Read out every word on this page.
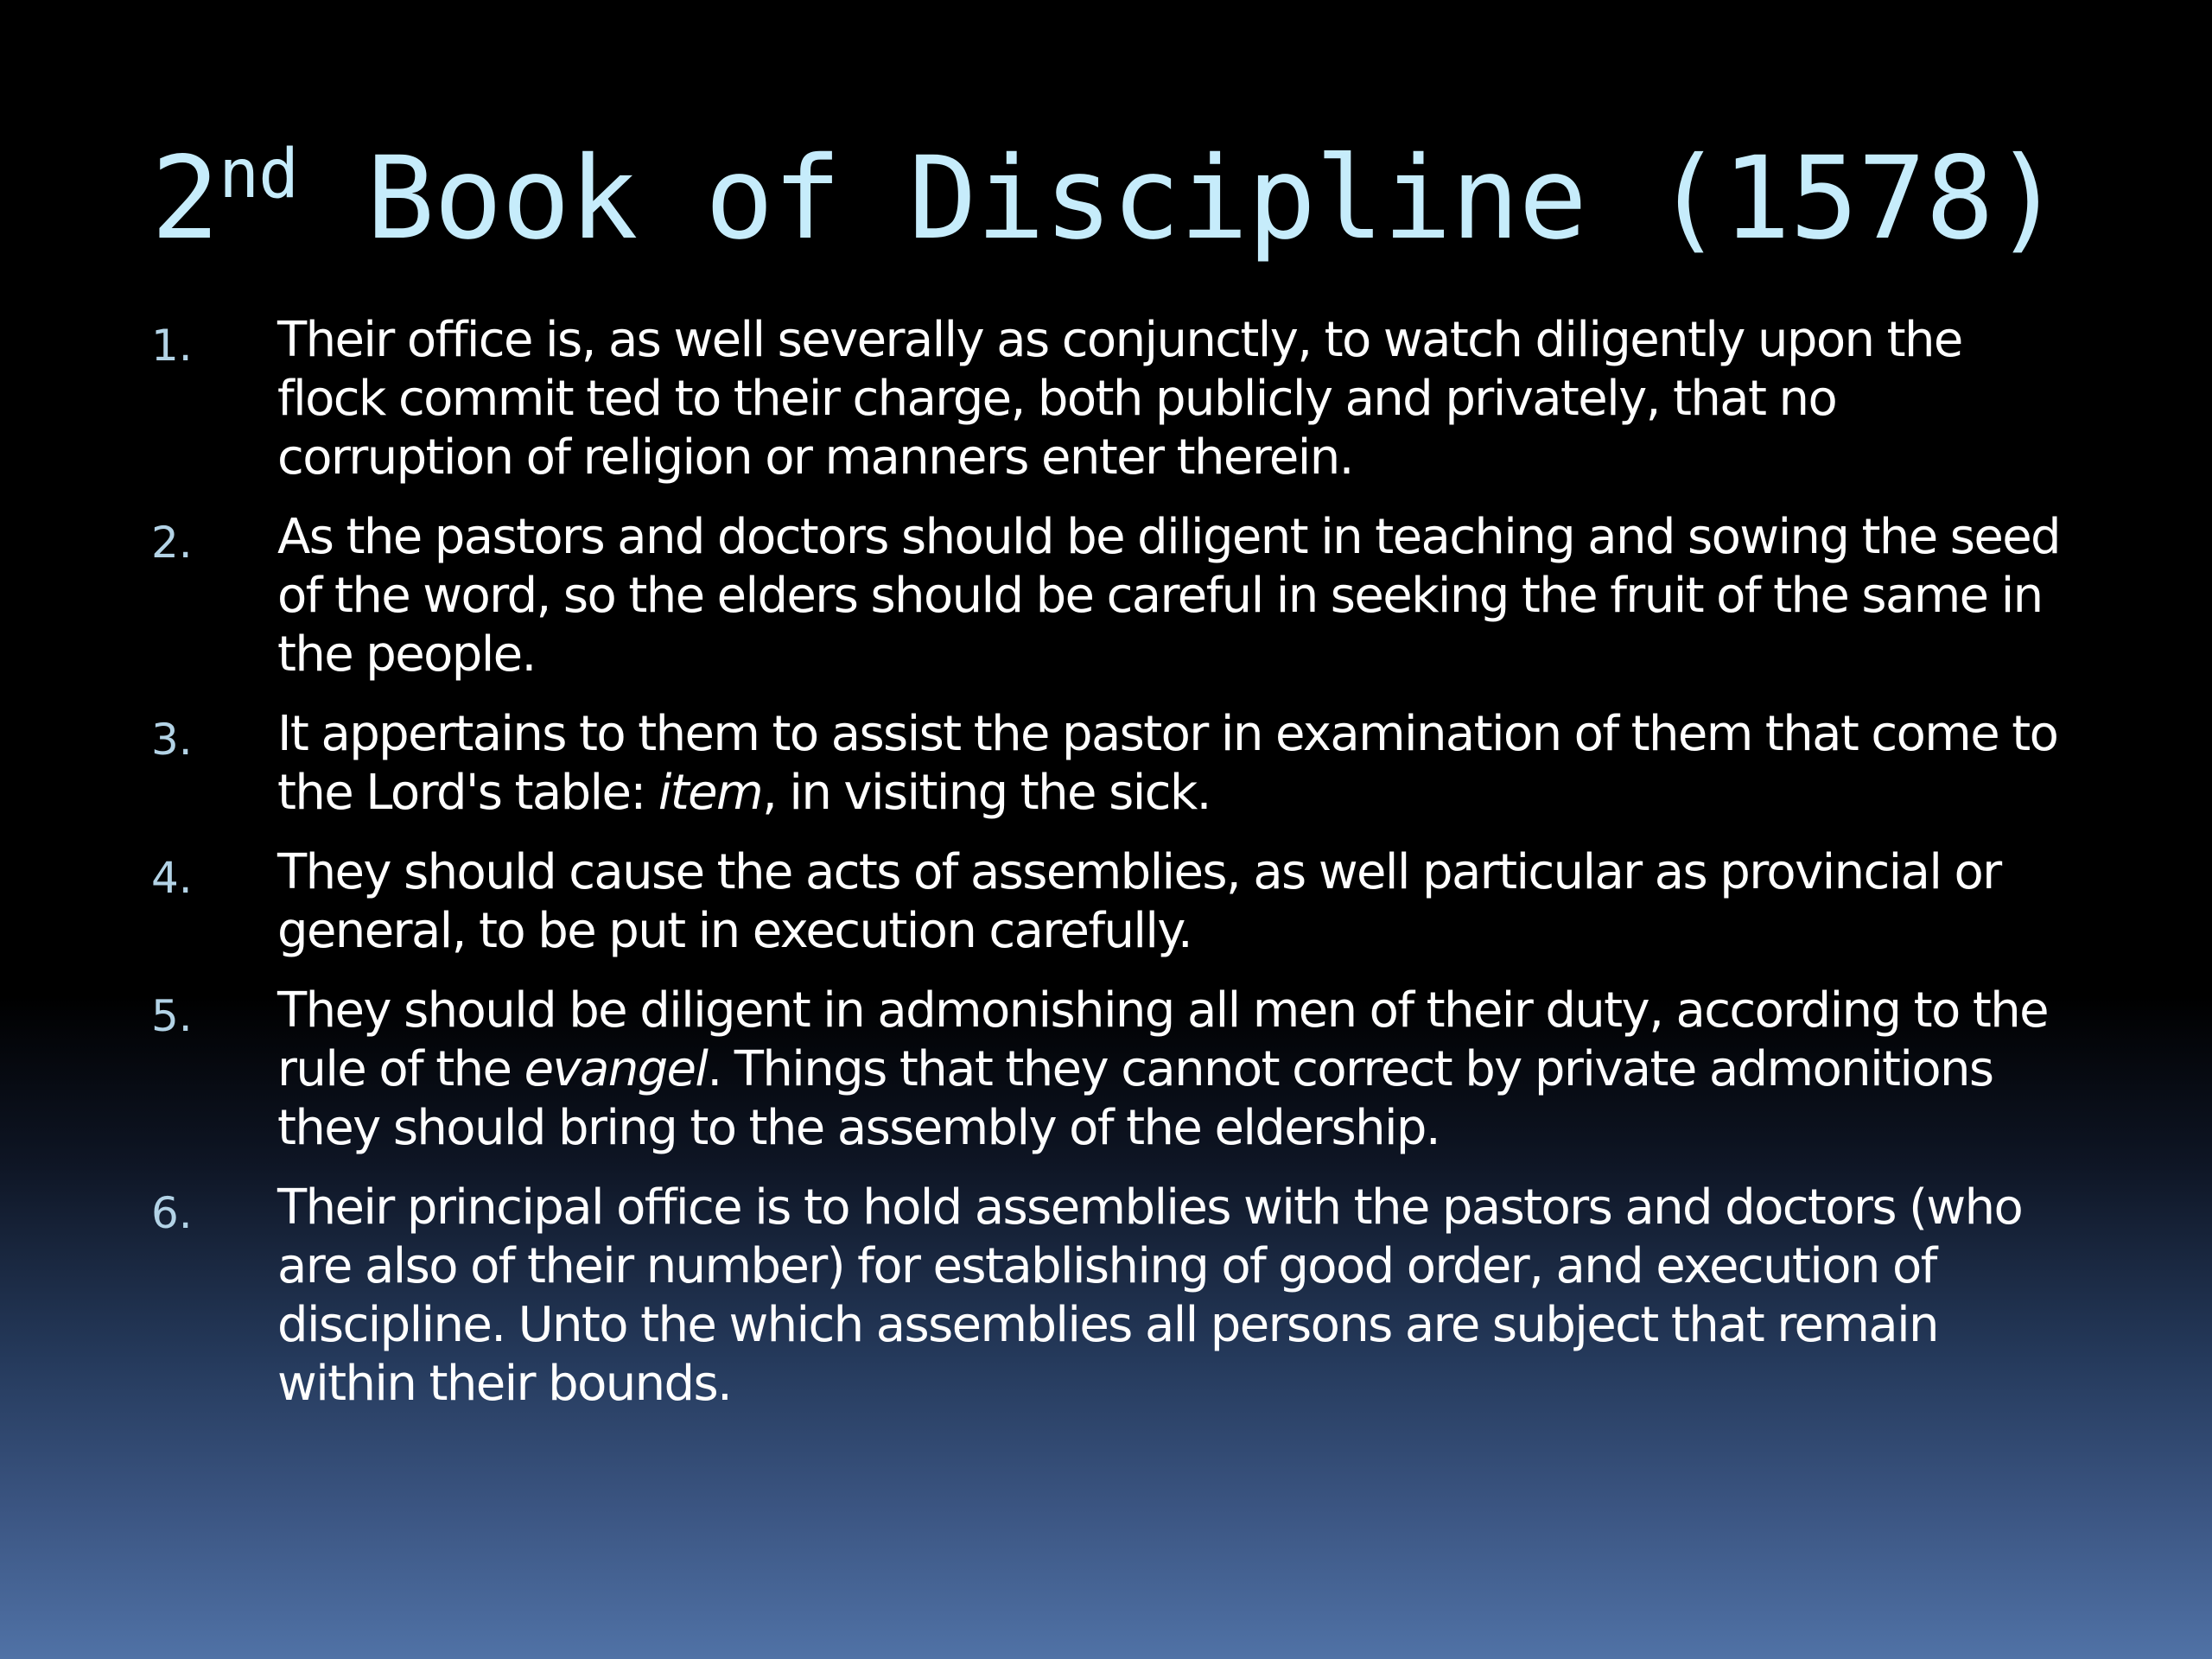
2nd Book of Discipline (1578)
1.	Their office is, as well severally as conjunctly, to watch diligently upon the flock commit ted to their charge, both publicly and privately, that no corruption of religion or manners enter therein.
2.	As the pastors and doctors should be diligent in teaching and sowing the seed of the word, so the elders should be careful in seeking the fruit of the same in the people.
3.	It appertains to them to assist the pastor in examination of them that come to the Lord's table: item, in visiting the sick.
4.	They should cause the acts of assemblies, as well particular as provincial or general, to be put in execution carefully.
5.	They should be diligent in admonishing all men of their duty, according to the rule of the evangel. Things that they cannot correct by private admonitions they should bring to the assembly of the eldership.
6.	Their principal office is to hold assemblies with the pastors and doctors (who are also of their number) for establishing of good order, and execution of discipline. Unto the which assemblies all persons are subject that remain within their bounds.
